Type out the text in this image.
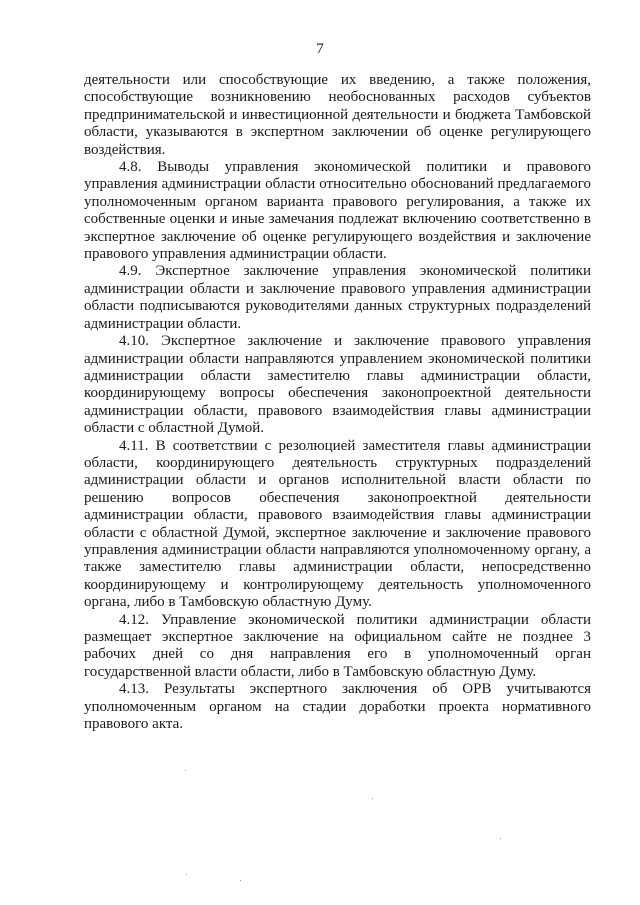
7

деятельности или способствующие их введению, а также положения, способствующие возникновению необоснованных расходов субъектов предпринимательской и инвестиционной деятельности и бюджета Тамбовской области, указываются в экспертном заключении об оценке регулирующего воздействия.

4.8. Выводы управления экономической политики и правового управления администрации области относительно обоснований предлагаемого уполномоченным органом варианта правового регулирования, а также их собственные оценки и иные замечания подлежат включению соответственно в экспертное заключение об оценке регулирующего воздействия и заключение правового управления администрации области.

4.9. Экспертное заключение управления экономической политики администрации области и заключение правового управления администрации области подписываются руководителями данных структурных подразделений администрации области.

4.10. Экспертное заключение и заключение правового управления администрации области направляются управлением экономической политики администрации области заместителю главы администрации области, координирующему вопросы обеспечения законопроектной деятельности администрации области, правового взаимодействия главы администрации области с областной Думой.

4.11. В соответствии с резолюцией заместителя главы администрации области, координирующего деятельность структурных подразделений администрации области и органов исполнительной власти области по решению вопросов обеспечения законопроектной деятельности администрации области, правового взаимодействия главы администрации области с областной Думой, экспертное заключение и заключение правового управления администрации области направляются уполномоченному органу, а также заместителю главы администрации области, непосредственно координирующему и контролирующему деятельность уполномоченного органа, либо в Тамбовскую областную Думу.

4.12. Управление экономической политики администрации области размещает экспертное заключение на официальном сайте не позднее 3 рабочих дней со дня направления его в уполномоченный орган государственной власти области, либо в Тамбовскую областную Думу.

4.13. Результаты экспертного заключения об ОРВ учитываются уполномоченным органом на стадии доработки проекта нормативного правового акта.
